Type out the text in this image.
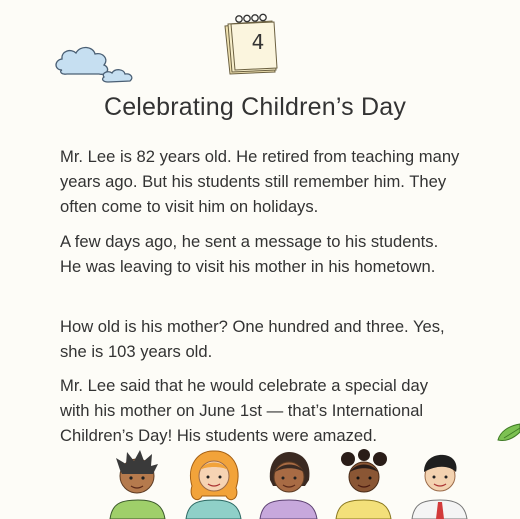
4
Celebrating Children’s Day

Mr. Lee is 82 years old. He retired from teaching many years ago. But his students still remember him. They often come to visit him on holidays.

A few days ago, he sent a message to his students. He was leaving to visit his mother in his hometown.

How old is his mother? One hundred and three. Yes, she is 103 years old.

Mr. Lee said that he would celebrate a special day with his mother on June 1st — that’s International Children’s Day! His students were amazed.
